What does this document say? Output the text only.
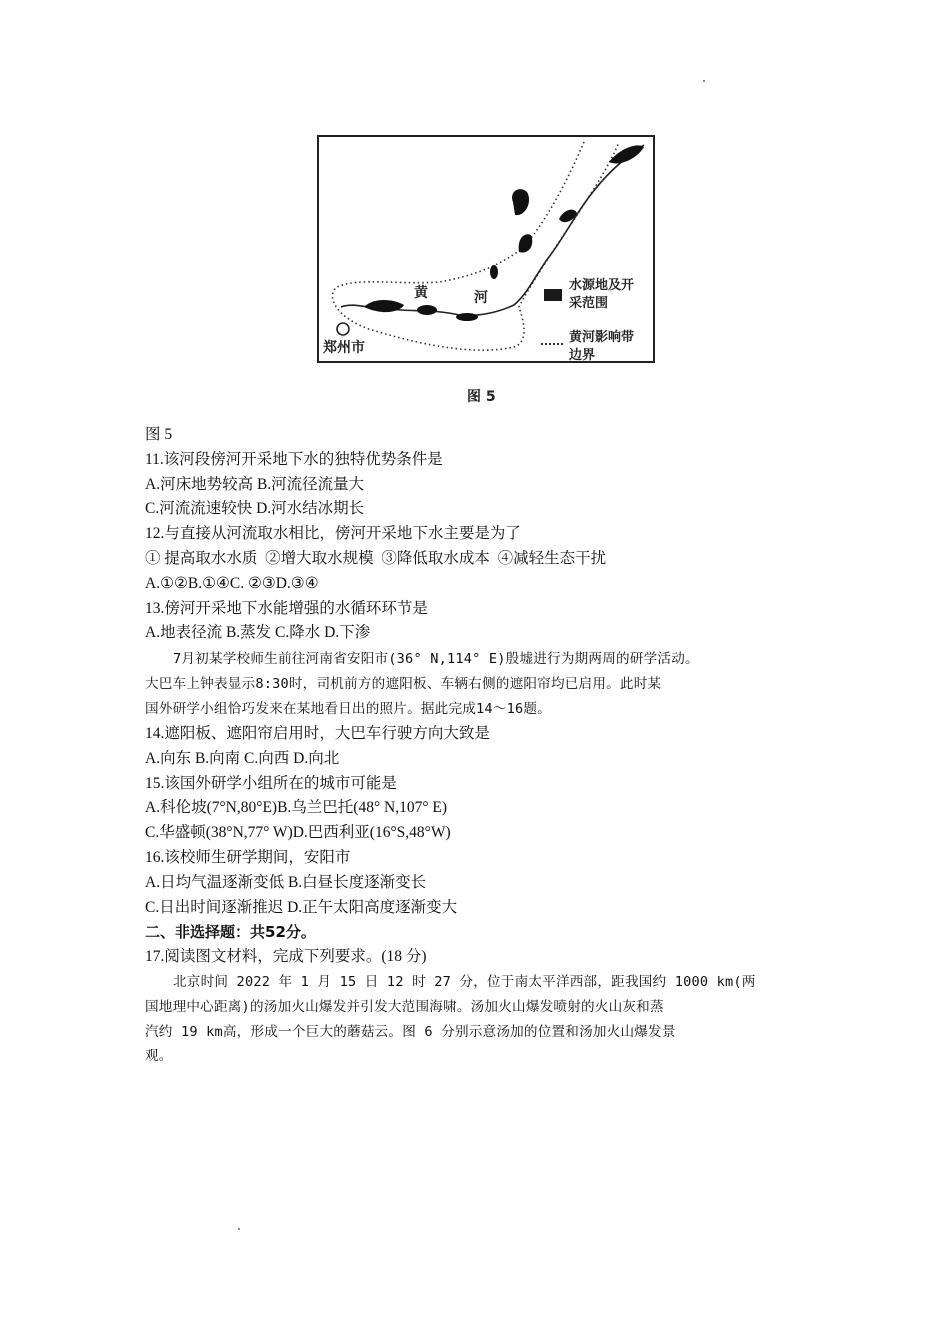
黄	河
郑州市
水源地及开采范围
黄河影响带边界
图 5
图 5
11.该河段傍河开采地下水的独特优势条件是
A.河床地势较高 B.河流径流量大
C.河流流速较快 D.河水结冰期长
12.与直接从河流取水相比，傍河开采地下水主要是为了
① 提高取水水质  ②增大取水规模  ③降低取水成本  ④减轻生态干扰
A.①②B.①④C. ②③D.③④
13.傍河开采地下水能增强的水循环环节是
A.地表径流 B.蒸发 C.降水 D.下渗
7月初某学校师生前往河南省安阳市(36° N,114° E)殷墟进行为期两周的研学活动。
大巴车上钟表显示8:30时，司机前方的遮阳板、车辆右侧的遮阳帘均已启用。此时某
国外研学小组恰巧发来在某地看日出的照片。据此完成14～16题。
14.遮阳板、遮阳帘启用时，大巴车行驶方向大致是
A.向东 B.向南 C.向西 D.向北
15.该国外研学小组所在的城市可能是
A.科伦坡(7°N,80°E)B.乌兰巴托(48° N,107° E)
C.华盛顿(38°N,77° W)D.巴西利亚(16°S,48°W)
16.该校师生研学期间，安阳市
A.日均气温逐渐变低 B.白昼长度逐渐变长
C.日出时间逐渐推迟 D.正午太阳高度逐渐变大
二、非选择题：共52分。
17.阅读图文材料，完成下列要求。(18 分)
北京时间 2022 年 1 月 15 日 12 时 27 分，位于南太平洋西部，距我国约 1000 km(两
国地理中心距离)的汤加火山爆发并引发大范围海啸。汤加火山爆发喷射的火山灰和蒸
汽约 19 km高，形成一个巨大的蘑菇云。图 6 分别示意汤加的位置和汤加火山爆发景
观。
